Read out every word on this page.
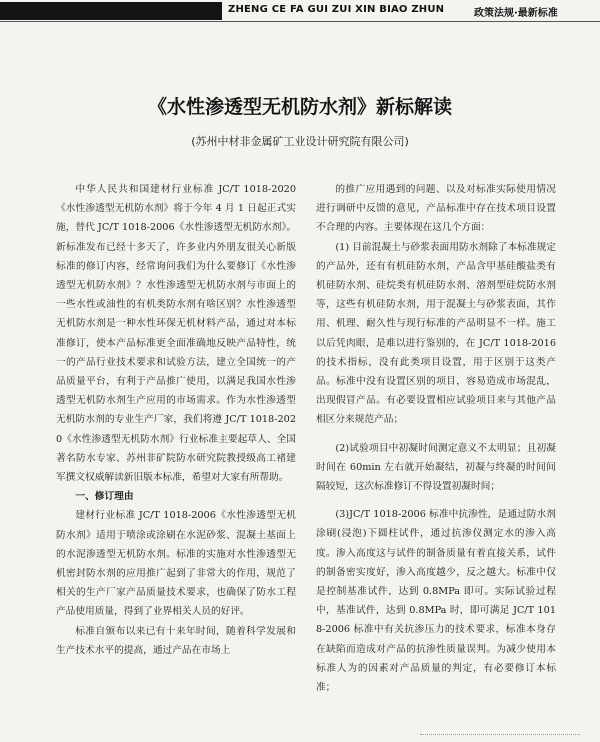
ZHENG CE FA GUI ZUI XIN BIAO ZHUN	政策法规·最新标准
《水性渗透型无机防水剂》新标解读
(苏州中材非金属矿工业设计研究院有限公司)

中华人民共和国建材行业标准 JC/T 1018-2020《水性渗透型无机防水剂》将于今年 4 月 1 日起正式实施，替代 JC/T 1018-2006《水性渗透型无机防水剂》。新标准发布已经十多天了，许多业内外朋友很关心新版标准的修订内容，经常询问我们为什么要修订《水性渗透型无机防水剂》？水性渗透型无机防水剂与市面上的一些水性或油性的有机类防水剂有啥区别？水性渗透型无机防水剂是一种水性环保无机材料产品，通过对本标准修订，使本产品标准更全面准确地反映产品特性，统一的产品行业技术要求和试验方法，建立全国统一的产品质量平台，有利于产品推广使用，以满足我国水性渗透型无机防水剂生产应用的市场需求。作为水性渗透型无机防水剂的专业生产厂家，我们将遵 JC/T 1018-2020《水性渗透型无机防水剂》行业标准主要起草人、全国著名防水专家、苏州非矿院防水研究院教授级高工褚建军撰文权威解读新旧版本标准，希望对大家有所帮助。

一、修订理由

建材行业标准 JC/T 1018-2006《水性渗透型无机防水剂》适用于喷涂或涂刷在水泥砂浆、混凝土基面上的水泥渗透型无机防水剂。标准的实施对水性渗透型无机密封防水剂的应用推广起到了非常大的作用，规范了相关的生产厂家产品质量技术要求，也确保了防水工程产品使用质量，得到了业界相关人员的好评。

标准自颁布以来已有十来年时间，随着科学发展和生产技术水平的提高，通过产品在市场上

的推广应用遇到的问题、以及对标准实际使用情况进行调研中反馈的意见，产品标准中存在技术项目设置不合理的内容。主要体现在这几个方面：

(1) 目前混凝土与砂浆表面用防水剂除了本标准规定的产品外，还有有机硅防水剂，产品含甲基硅酸盐类有机硅防水剂、硅烷类有机硅防水剂、溶剂型硅烷防水剂等，这些有机硅防水剂，用于混凝土与砂浆表面，其作用、机理、耐久性与现行标准的产品明显不一样。施工以后凭肉眼，是难以进行鉴别的，在 JC/T 1018-2016 的技术指标，没有此类项目设置，用于区别于这类产品。标准中没有设置区别的项目，容易造成市场混乱，出现假冒产品。有必要设置相应试验项目来与其他产品相区分来规范产品；

(2)试验项目中初凝时间测定意义不太明显；且初凝时间在 60min 左右就开始凝结，初凝与终凝的时间间隔较短，这次标准修订不得设置初凝时间；

(3)JC/T 1018-2006 标准中抗渗性，是通过防水剂涂刷(浸泡)下圆柱试件，通过抗渗仪测定水的渗入高度。渗入高度这与试件的制备质量有着直接关系，试件的制备密实度好，渗入高度越少，反之越大。标准中仅是控制基准试件，达到 0.8MPa 即可。实际试验过程中，基准试件，达到 0.8MPa 时，即可满足 JC/T 1018-2006 标准中有关抗渗压力的技术要求，标准本身存在缺陷而造成对产品的抗渗性质量误判。为减少使用本标准人为的因素对产品质量的判定，有必要修订本标准；
